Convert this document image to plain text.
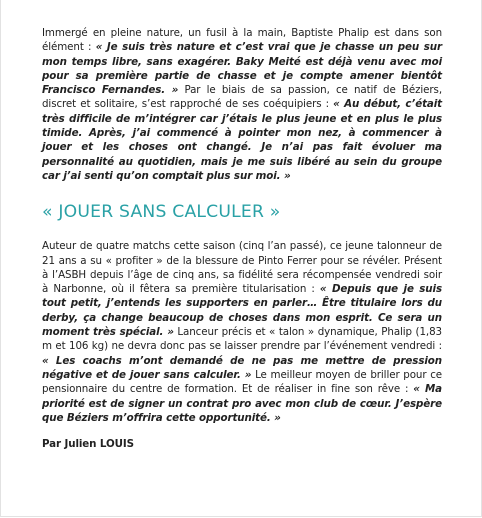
Immergé en pleine nature, un fusil à la main, Baptiste Phalip est dans son élément : « Je suis très nature et c’est vrai que je chasse un peu sur mon temps libre, sans exagérer. Baky Meité est déjà venu avec moi pour sa première partie de chasse et je compte amener bientôt Francisco Fernandes. » Par le biais de sa passion, ce natif de Béziers, discret et solitaire, s’est rapproché de ses coéquipiers : « Au début, c’était très difficile de m’intégrer car j’étais le plus jeune et en plus le plus timide. Après, j’ai commencé à pointer mon nez, à commencer à jouer et les choses ont changé. Je n’ai pas fait évoluer ma personnalité au quotidien, mais je me suis libéré au sein du groupe car j’ai senti qu’on comptait plus sur moi. »

« JOUER SANS CALCULER »

Auteur de quatre matchs cette saison (cinq l’an passé), ce jeune talonneur de 21 ans a su « profiter » de la blessure de Pinto Ferrer pour se révéler. Présent à l’ASBH depuis l’âge de cinq ans, sa fidélité sera récompensée vendredi soir à Narbonne, où il fêtera sa première titularisation : « Depuis que je suis tout petit, j’entends les supporters en parler… Être titulaire lors du derby, ça change beaucoup de choses dans mon esprit. Ce sera un moment très spécial. » Lanceur précis et « talon » dynamique, Phalip (1,83 m et 106 kg) ne devra donc pas se laisser prendre par l’événement vendredi : « Les coachs m’ont demandé de ne pas me mettre de pression négative et de jouer sans calculer. » Le meilleur moyen de briller pour ce pensionnaire du centre de formation. Et de réaliser in fine son rêve : « Ma priorité est de signer un contrat pro avec mon club de cœur. J’espère que Béziers m’offrira cette opportunité. »

Par Julien LOUIS
